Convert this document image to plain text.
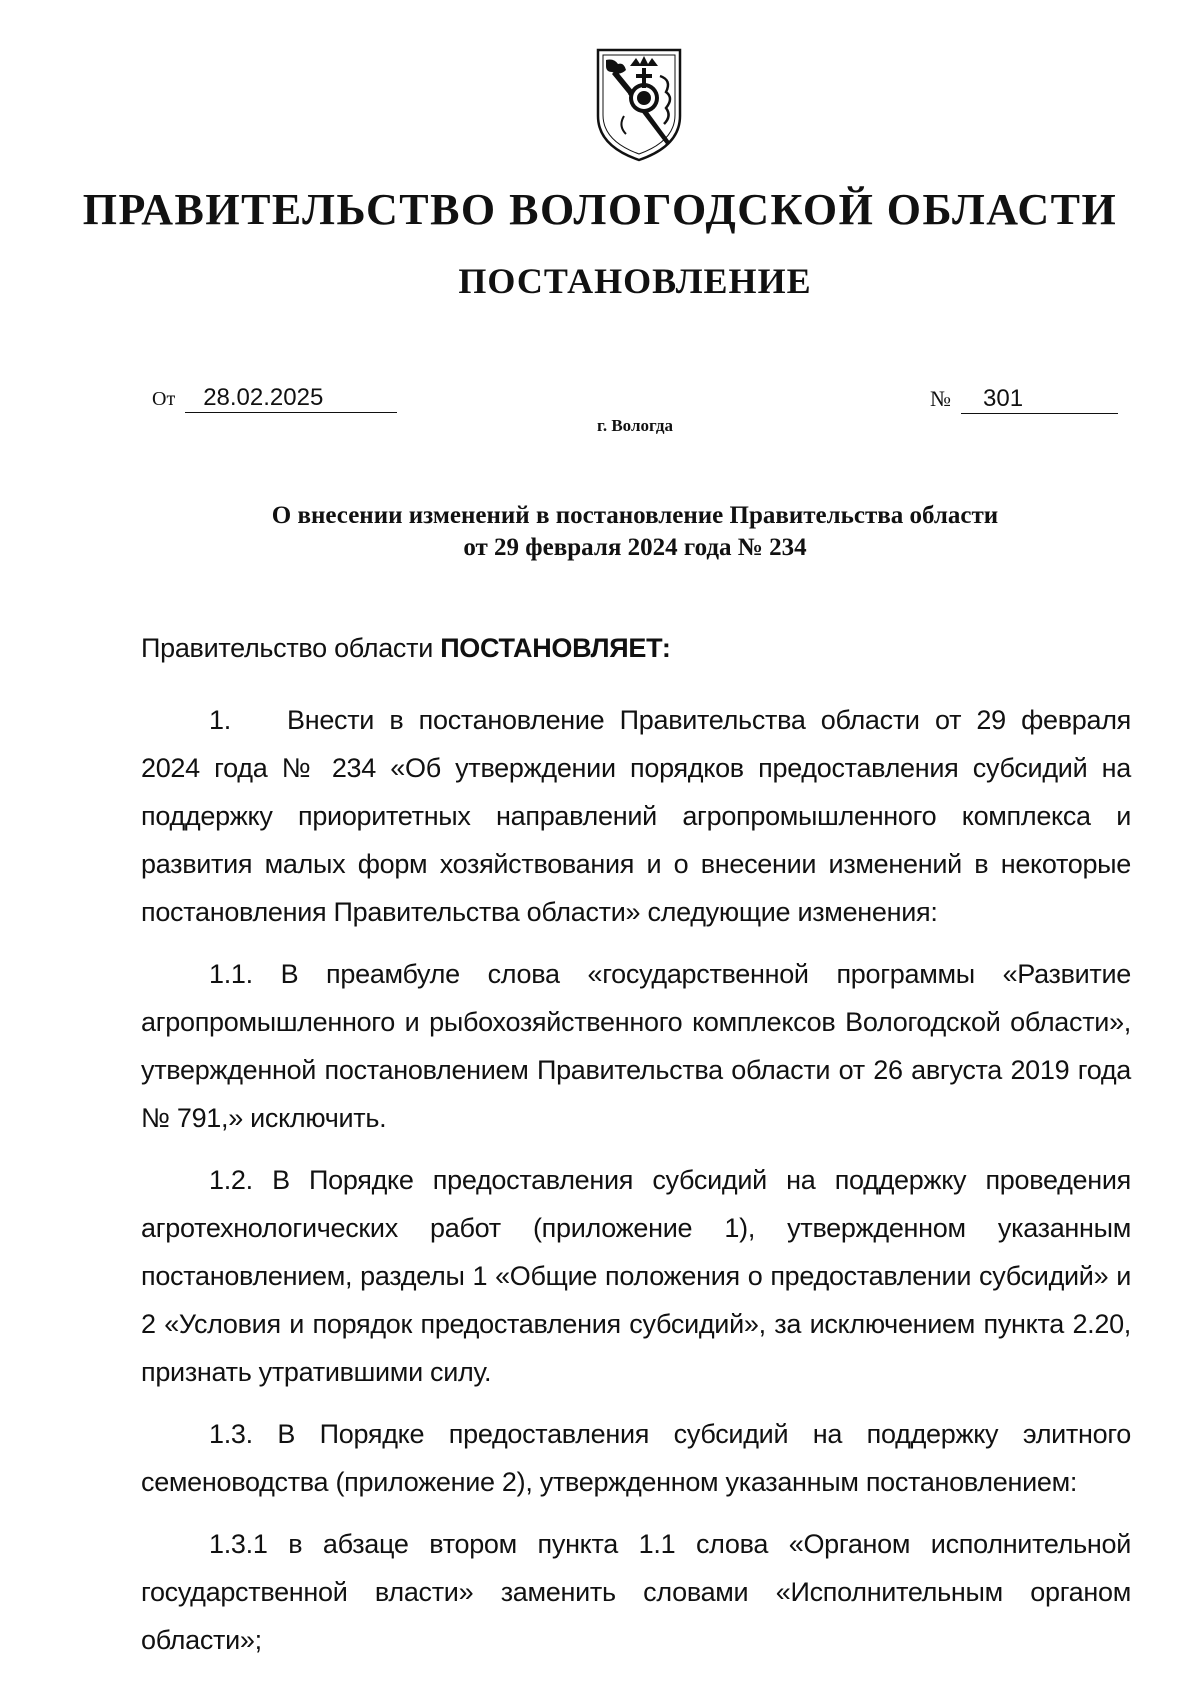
ПРАВИТЕЛЬСТВО ВОЛОГОДСКОЙ ОБЛАСТИ
ПОСТАНОВЛЕНИЕ
От 28.02.2025	№ 301
г. Вологда
О внесении изменений в постановление Правительства области
от 29 февраля 2024 года № 234

Правительство области ПОСТАНОВЛЯЕТ:

1. Внести в постановление Правительства области от 29 февраля 2024 года № 234 «Об утверждении порядков предоставления субсидий на поддержку приоритетных направлений агропромышленного комплекса и развития малых форм хозяйствования и о внесении изменений в некоторые постановления Правительства области» следующие изменения:

1.1. В преамбуле слова «государственной программы «Развитие агропромышленного и рыбохозяйственного комплексов Вологодской области», утвержденной постановлением Правительства области от 26 августа 2019 года № 791,» исключить.

1.2. В Порядке предоставления субсидий на поддержку проведения агротехнологических работ (приложение 1), утвержденном указанным постановлением, разделы 1 «Общие положения о предоставлении субсидий» и 2 «Условия и порядок предоставления субсидий», за исключением пункта 2.20, признать утратившими силу.

1.3. В Порядке предоставления субсидий на поддержку элитного семеноводства (приложение 2), утвержденном указанным постановлением:

1.3.1 в абзаце втором пункта 1.1 слова «Органом исполнительной государственной власти» заменить словами «Исполнительным органом области»;
